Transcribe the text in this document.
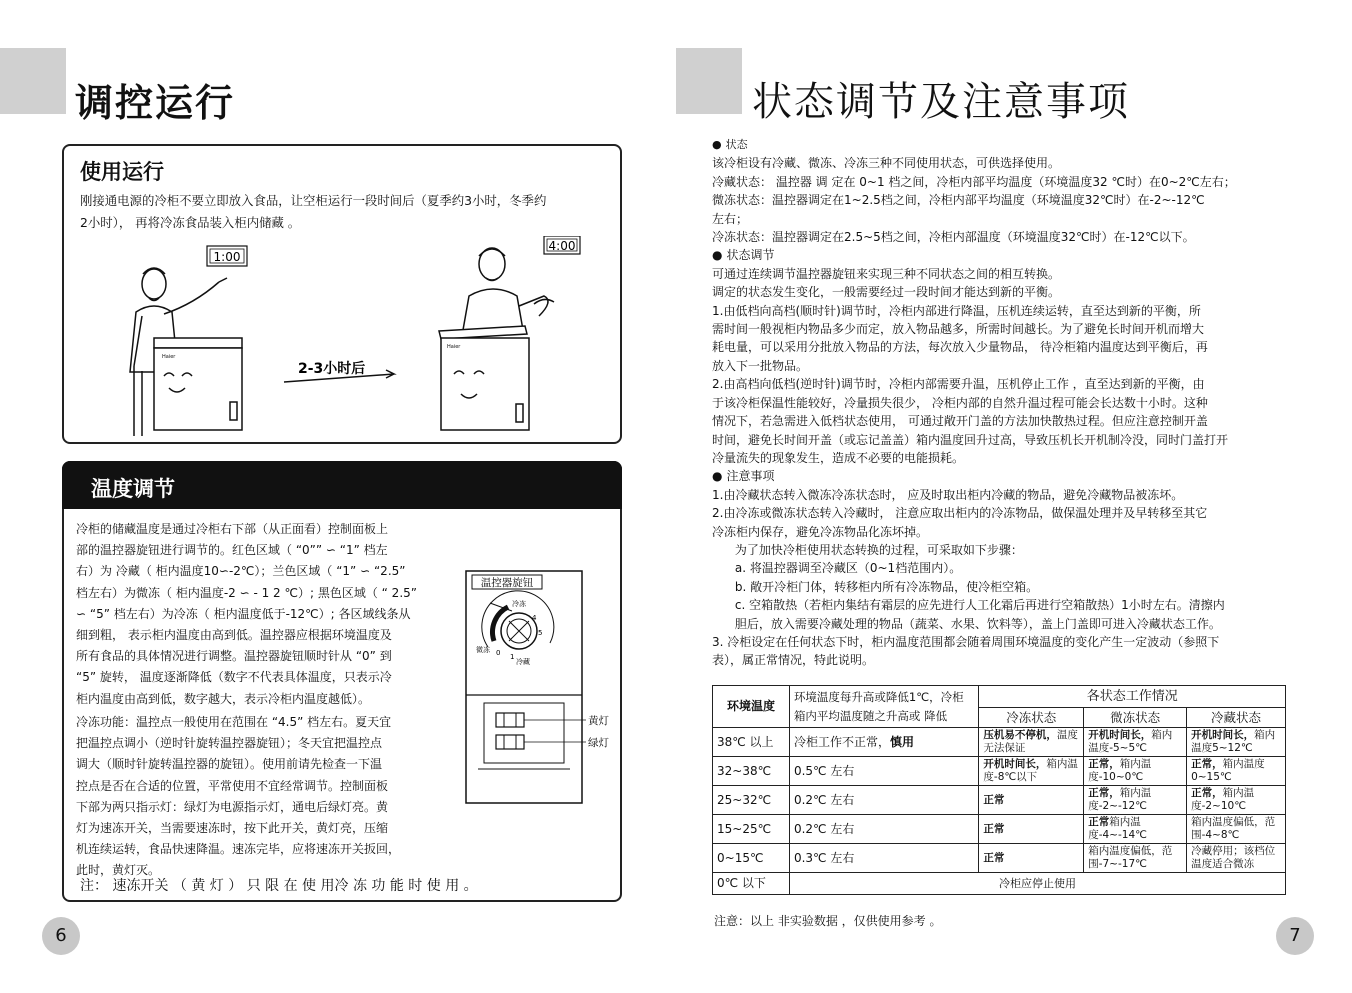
调控运行
使用运行
刚接通电源的冷柜不要立即放入食品，让空柜运行一段时间后（夏季约3小时，冬季约
2小时）， 再将冷冻食品装入柜内储藏 。
1:00
4:00
Haier
2-3小时后
Haier
温度调节
冷柜的储藏温度是通过冷柜右下部（从正面看）控制面板上
部的温控器旋钮进行调节的。红色区域（ “0”” ∽ “1” 档左
右）为 冷藏（ 柜内温度10∽-2℃）；兰色区域（ “1” ∽ “2.5”
档左右）为微冻（ 柜内温度-2 ∽ - 1 2 ℃）; 黑色区域（ “ 2.5”
∽ “5” 档左右）为冷冻（ 柜内温度低于-12℃）; 各区域线条从
细到粗， 表示柜内温度由高到低。温控器应根据环境温度及
所有食品的具体情况进行调整。温控器旋钮顺时针从 “0” 到
“5” 旋转， 温度逐渐降低（数字不代表具体温度，只表示冷
柜内温度由高到低，数字越大，表示冷柜内温度越低）。
冷冻功能：温控点一般使用在范围在 “4.5” 档左右。夏天宜
把温控点调小（逆时针旋转温控器旋钮）；冬天宜把温控点
调大（顺时针旋转温控器的旋钮）。使用前请先检查一下温
控点是否在合适的位置，平常使用不宜经常调节。控制面板
下部为两只指示灯：绿灯为电源指示灯，通电后绿灯亮。黄
灯为速冻开关，当需要速冻时，按下此开关，黄灯亮，压缩
机连续运转，食品快速降温。速冻完毕，应将速冻开关扳回，
此时，黄灯灭。
注： 速冻开关 （ 黄 灯 ） 只 限 在 使 用冷 冻 功 能 时 使 用 。
温控器旋钮
冷冻
微冻
冷藏
0 1
5
4
黄灯
绿灯
6
状态调节及注意事项
● 状态
该冷柜设有冷藏、微冻、冷冻三种不同使用状态，可供选择使用。
冷藏状态： 温控器 调 定在 0~1 档之间，冷柜内部平均温度（环境温度32 ℃时）在0~2℃左右；
微冻状态：温控器调定在1~2.5档之间，冷柜内部平均温度（环境温度32℃时）在-2~-12℃
左右；
冷冻状态：温控器调定在2.5~5档之间，冷柜内部温度（环境温度32℃时）在-12℃以下。
● 状态调节
可通过连续调节温控器旋钮来实现三种不同状态之间的相互转换。
调定的状态发生变化，一般需要经过一段时间才能达到新的平衡。
1.由低档向高档(顺时针)调节时，冷柜内部进行降温，压机连续运转，直至达到新的平衡，所
需时间一般视柜内物品多少而定，放入物品越多，所需时间越长。为了避免长时间开机而增大
耗电量，可以采用分批放入物品的方法，每次放入少量物品， 待冷柜箱内温度达到平衡后，再
放入下一批物品。
2.由高档向低档(逆时针)调节时，冷柜内部需要升温，压机停止工作 ，直至达到新的平衡，由
于该冷柜保温性能较好，冷量损失很少， 冷柜内部的自然升温过程可能会长达数十小时。这种
情况下，若急需进入低档状态使用， 可通过敞开门盖的方法加快散热过程。但应注意控制开盖
时间，避免长时间开盖（或忘记盖盖）箱内温度回升过高，导致压机长开机制冷没，同时门盖打开
冷量流失的现象发生，造成不必要的电能损耗。
● 注意事项
1.由冷藏状态转入微冻冷冻状态时， 应及时取出柜内冷藏的物品，避免冷藏物品被冻坏。
2.由冷冻或微冻状态转入冷藏时， 注意应取出柜内的冷冻物品，做保温处理并及早转移至其它
冷冻柜内保存，避免冷冻物品化冻坏掉。
为了加快冷柜使用状态转换的过程，可采取如下步骤：
a. 将温控器调至冷藏区（0~1档范围内）。
b. 敞开冷柜门体，转移柜内所有冷冻物品，使冷柜空箱。
c. 空箱散热（若柜内集结有霜层的应先进行人工化霜后再进行空箱散热）1小时左右。清擦内
胆后，放入需要冷藏处理的物品（蔬菜、水果、饮料等），盖上门盖即可进入冷藏状态工作。
3. 冷柜设定在任何状态下时，柜内温度范围都会随着周围环境温度的变化产生一定波动（参照下
表），属正常情况，特此说明。
环境温度	环境温度每升高或降低1℃，冷柜箱内平均温度随之升高或 降低	各状态工作情况		
		冷冻状态	微冻状态	冷藏状态
38℃ 以上	冷柜工作不正常，慎用	压机易不停机，温度无法保证	开机时间长，箱内温度-5~5℃	开机时间长，箱内温度5~12℃
32~38℃	0.5℃ 左右	开机时间长，箱内温度-8℃以下	正常，箱内温度-10~0℃	正常，箱内温度0~15℃
25~32℃	0.2℃ 左右	正常	正常，箱内温度-2~-12℃	正常，箱内温度-2~10℃
15~25℃	0.2℃ 左右	正常	正常箱内温度-4~-14℃	箱内温度偏低，范围-4~8℃
0~15℃	0.3℃ 左右	正常	箱内温度偏低，范围-7~-17℃	冷藏停用；该档位温度适合微冻
0℃ 以下	冷柜应停止使用			
注意：以上 非实验数据 ，仅供使用参考 。
7
